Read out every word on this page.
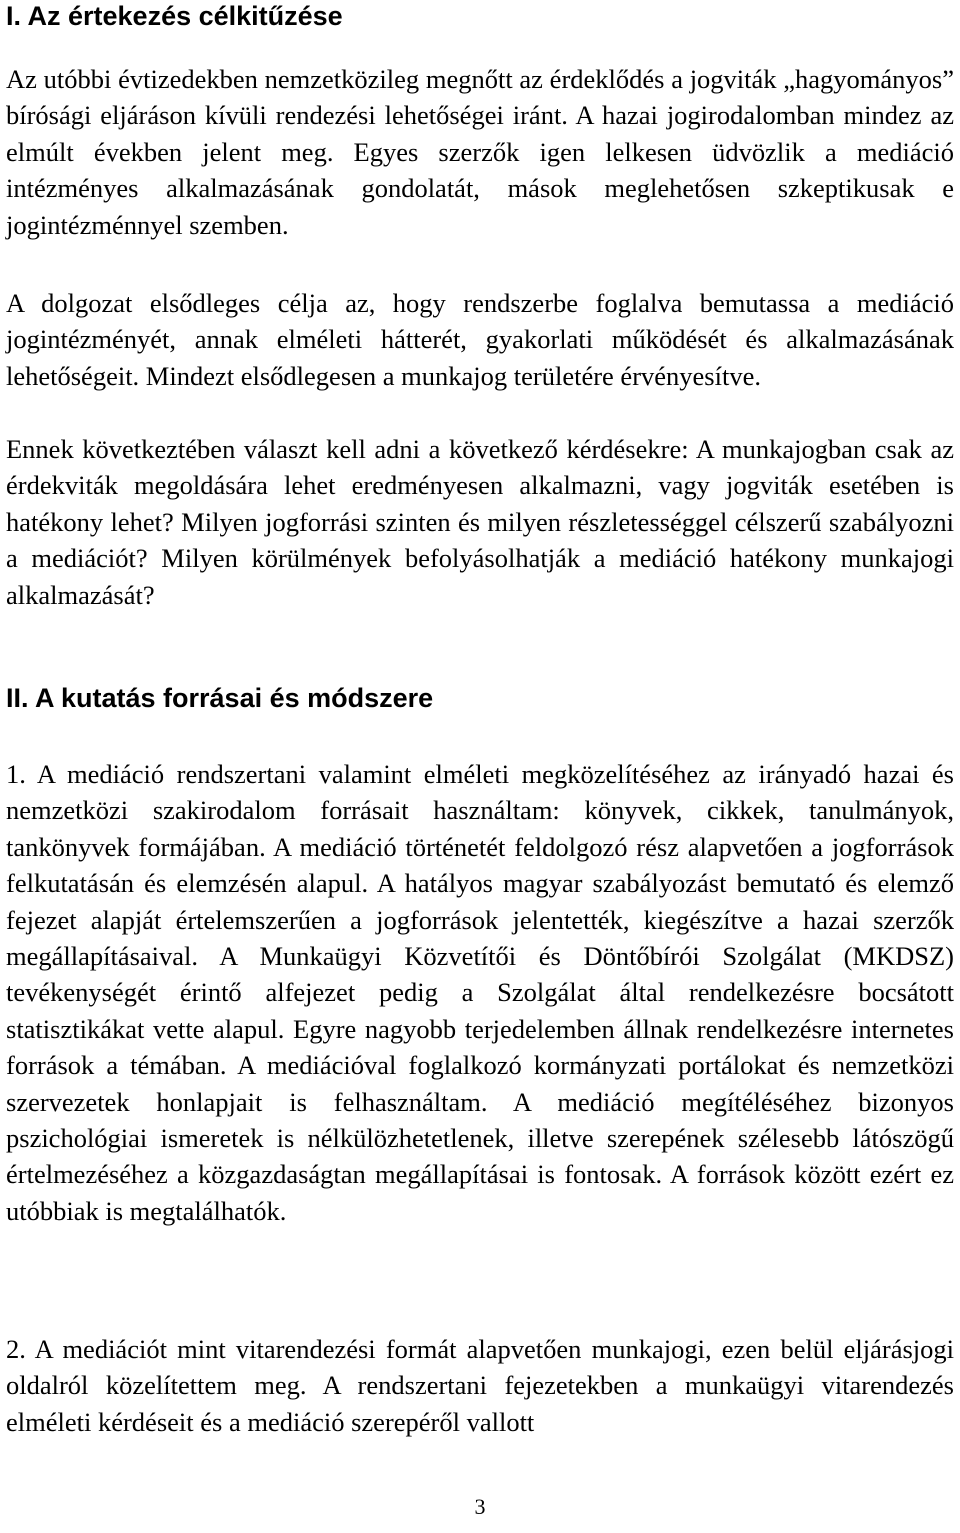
I. Az értekezés célkitűzése

Az utóbbi évtizedekben nemzetközileg megnőtt az érdeklődés a jogviták „hagyományos” bírósági eljáráson kívüli rendezési lehetőségei iránt. A hazai jogirodalomban mindez az elmúlt években jelent meg. Egyes szerzők igen lelkesen üdvözlik a mediáció intézményes alkalmazásának gondolatát, mások meglehetősen szkeptikusak e jogintézménnyel szemben.

A dolgozat elsődleges célja az, hogy rendszerbe foglalva bemutassa a mediáció jogintézményét, annak elméleti hátterét, gyakorlati működését és alkalmazásának lehetőségeit. Mindezt elsődlegesen a munkajog területére érvényesítve.

Ennek következtében választ kell adni a következő kérdésekre: A munkajogban csak az érdekviták megoldására lehet eredményesen alkalmazni, vagy jogviták esetében is hatékony lehet? Milyen jogforrási szinten és milyen részletességgel célszerű szabályozni a mediációt? Milyen körülmények befolyásolhatják a mediáció hatékony munkajogi alkalmazását?

II. A kutatás forrásai és módszere

1. A mediáció rendszertani valamint elméleti megközelítéséhez az irányadó hazai és nemzetközi szakirodalom forrásait használtam: könyvek, cikkek, tanulmányok, tankönyvek formájában. A mediáció történetét feldolgozó rész alapvetően a jogforrások felkutatásán és elemzésén alapul. A hatályos magyar szabályozást bemutató és elemző fejezet alapját értelemszerűen a jogforrások jelentették, kiegészítve a hazai szerzők megállapításaival. A Munkaügyi Közvetítői és Döntőbírói Szolgálat (MKDSZ) tevékenységét érintő alfejezet pedig a Szolgálat által rendelkezésre bocsátott statisztikákat vette alapul. Egyre nagyobb terjedelemben állnak rendelkezésre internetes források a témában. A mediációval foglalkozó kormányzati portálokat és nemzetközi szervezetek honlapjait is felhasználtam. A mediáció megítéléséhez bizonyos pszichológiai ismeretek is nélkülözhetetlenek, illetve szerepének szélesebb látószögű értelmezéséhez a közgazdaságtan megállapításai is fontosak. A források között ezért ez utóbbiak is megtalálhatók.

2. A mediációt mint vitarendezési formát alapvetően munkajogi, ezen belül eljárásjogi oldalról közelítettem meg. A rendszertani fejezetekben a munkaügyi vitarendezés elméleti kérdéseit és a mediáció szerepéről vallott

3
